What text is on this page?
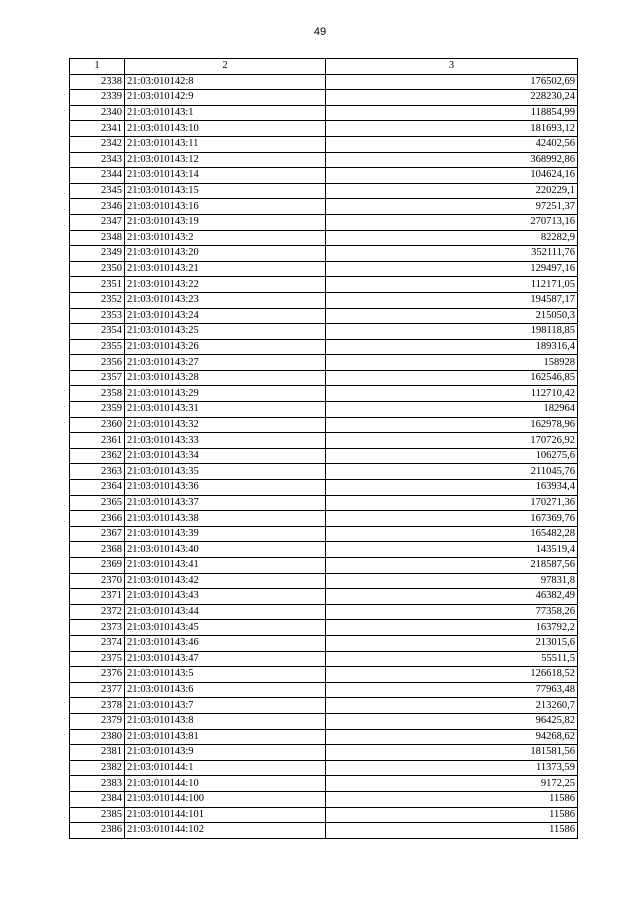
49
1	2	3
2338	21:03:010142:8	176502,69
2339	21:03:010142:9	228230,24
2340	21:03:010143:1	118854,99
2341	21:03:010143:10	181693,12
2342	21:03:010143:11	42402,56
2343	21:03:010143:12	368992,86
2344	21:03:010143:14	104624,16
2345	21:03:010143:15	220229,1
2346	21:03:010143:16	97251,37
2347	21:03:010143:19	270713,16
2348	21:03:010143:2	82282,9
2349	21:03:010143:20	352111,76
2350	21:03:010143:21	129497,16
2351	21:03:010143:22	112171,05
2352	21:03:010143:23	194587,17
2353	21:03:010143:24	215050,3
2354	21:03:010143:25	198118,85
2355	21:03:010143:26	189316,4
2356	21:03:010143:27	158928
2357	21:03:010143:28	162546,85
2358	21:03:010143:29	112710,42
2359	21:03:010143:31	182964
2360	21:03:010143:32	162978,96
2361	21:03:010143:33	170726,92
2362	21:03:010143:34	106275,6
2363	21:03:010143:35	211045,76
2364	21:03:010143:36	163934,4
2365	21:03:010143:37	170271,36
2366	21:03:010143:38	167369,76
2367	21:03:010143:39	165482,28
2368	21:03:010143:40	143519,4
2369	21:03:010143:41	218587,56
2370	21:03:010143:42	97831,8
2371	21:03:010143:43	46382,49
2372	21:03:010143:44	77358,26
2373	21:03:010143:45	163792,2
2374	21:03:010143:46	213015,6
2375	21:03:010143:47	55511,5
2376	21:03:010143:5	126618,52
2377	21:03:010143:6	77963,48
2378	21:03:010143:7	213260,7
2379	21:03:010143:8	96425,82
2380	21:03:010143:81	94268,62
2381	21:03:010143:9	181581,56
2382	21:03:010144:1	11373,59
2383	21:03:010144:10	9172,25
2384	21:03:010144:100	11586
2385	21:03:010144:101	11586
2386	21:03:010144:102	11586
